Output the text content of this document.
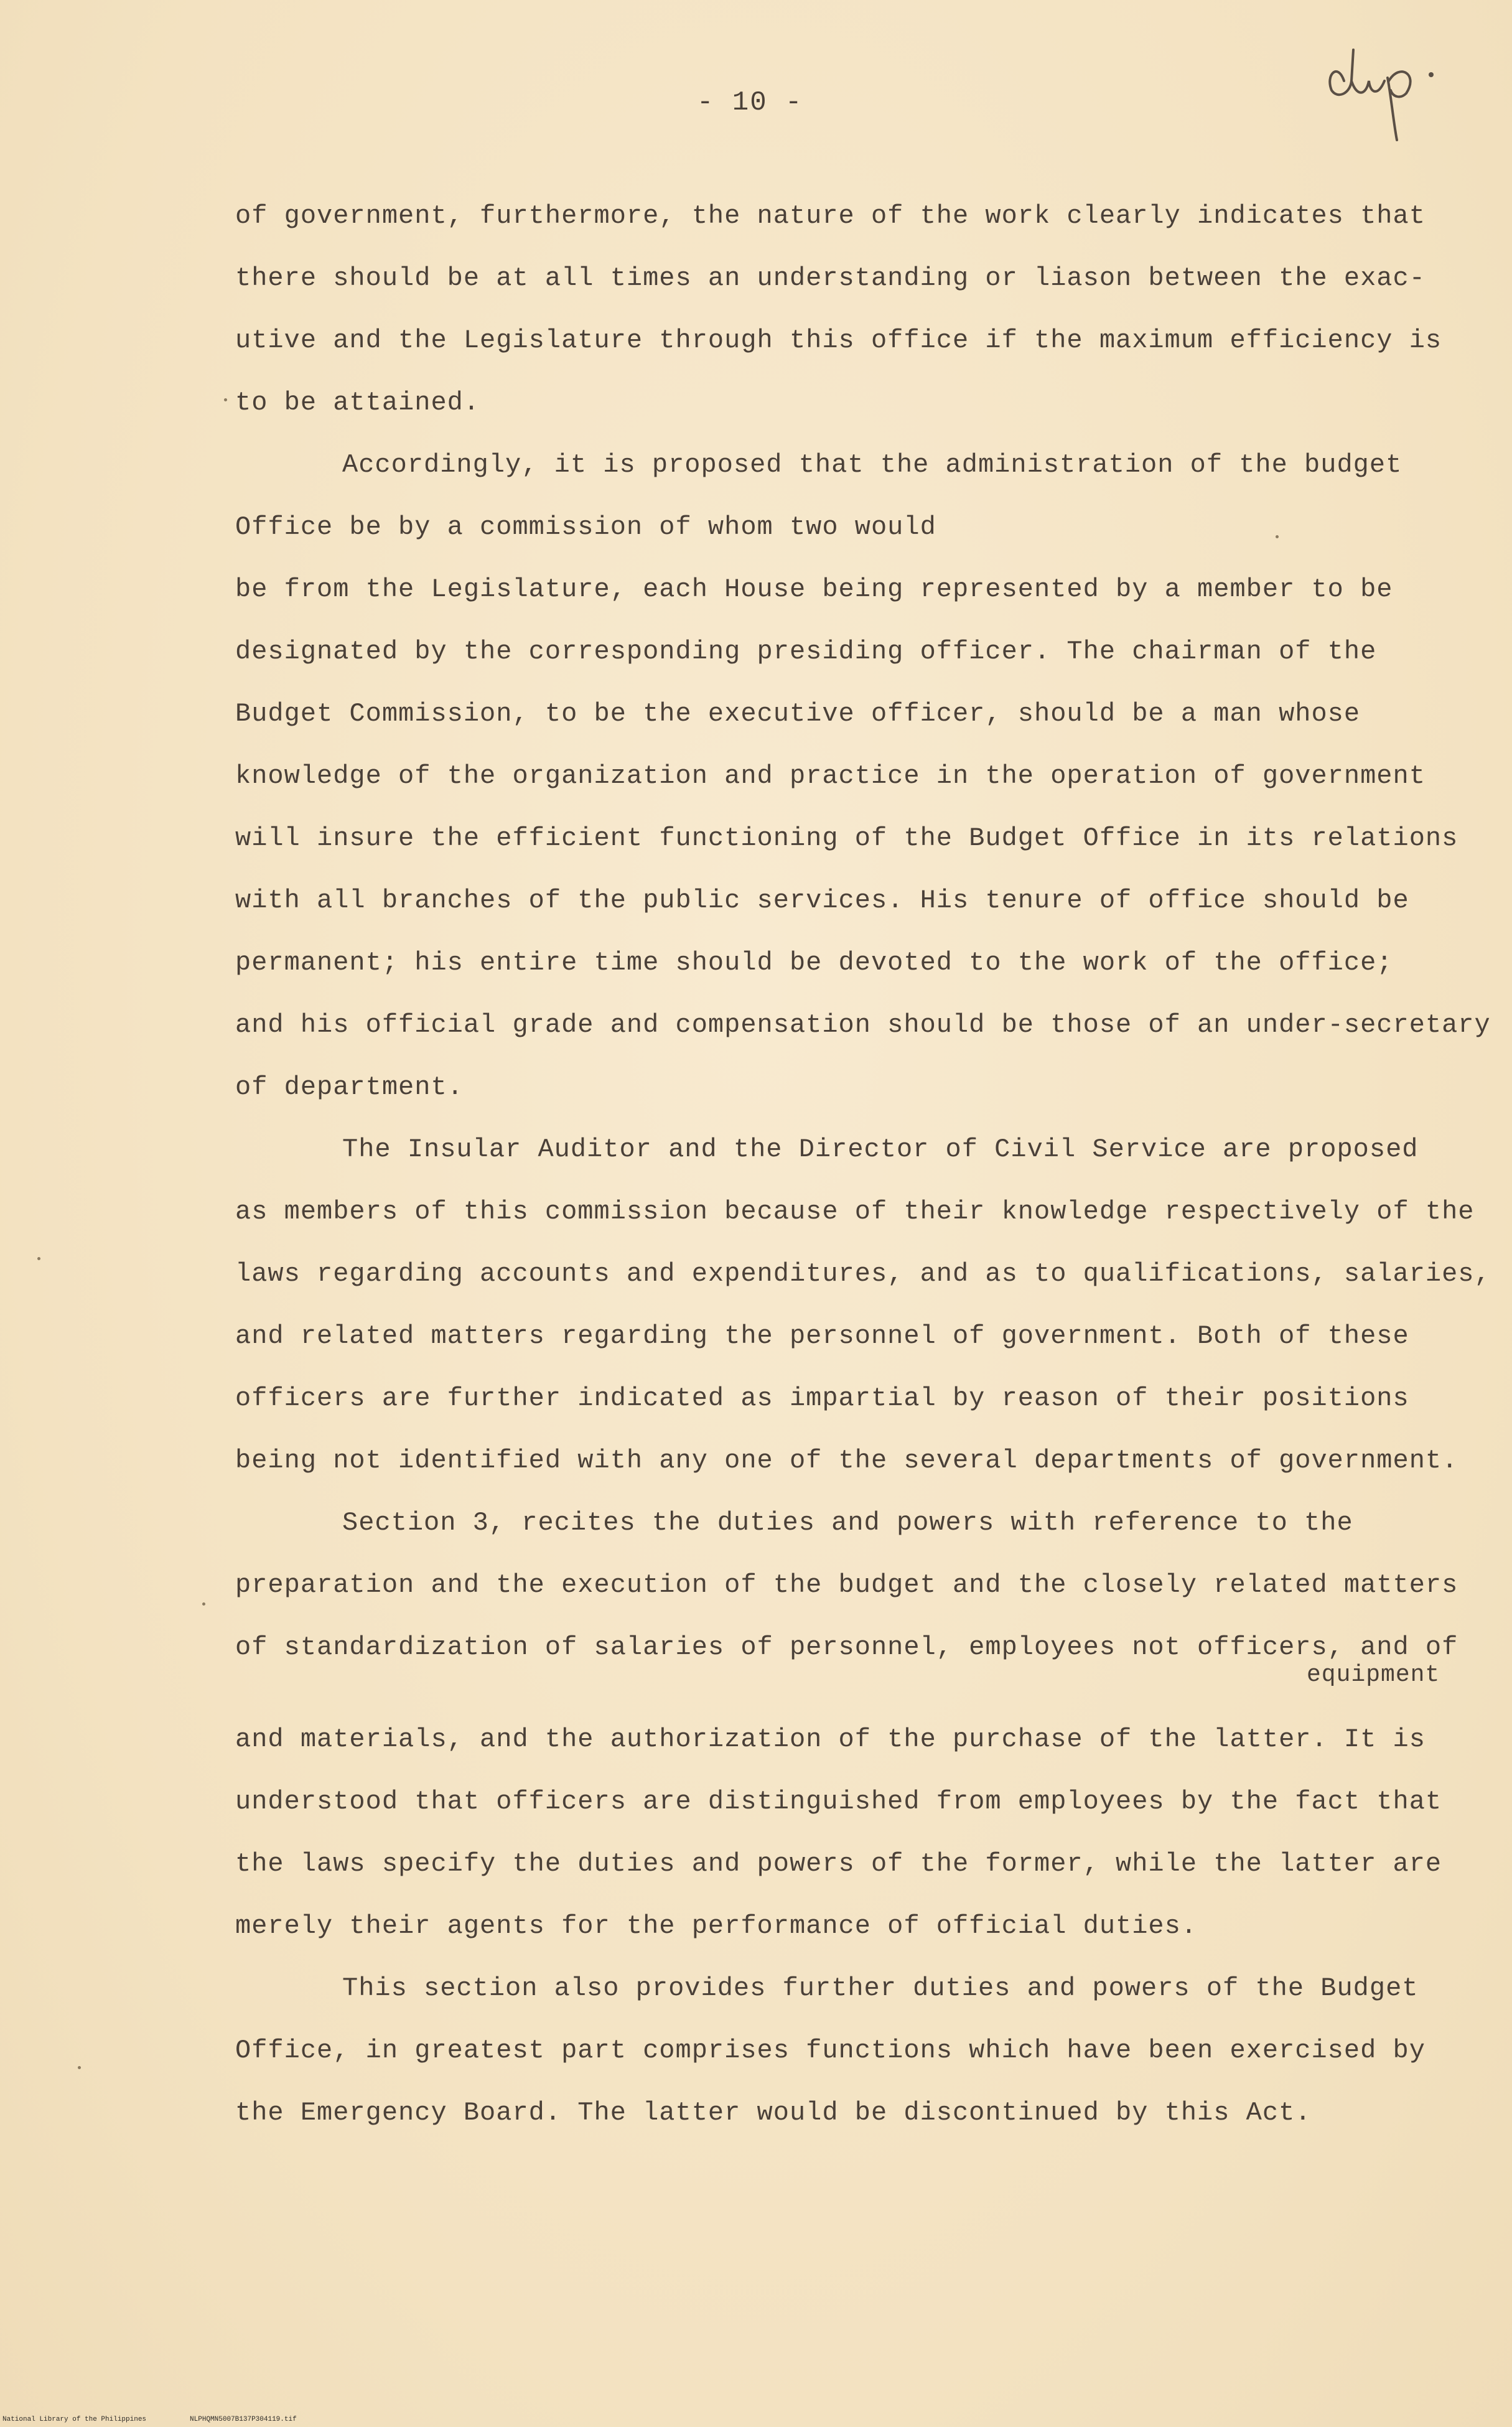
- 10 -
of government, furthermore, the nature of the work clearly indicates that
there should be at all times an understanding or liason between the exac-
utive and the Legislature through this office if the maximum efficiency is
to be attained.
Accordingly, it is proposed that the administration of the budget
Office be by a commission of whom two would
be from the Legislature, each House being represented by a member to be
designated by the corresponding presiding officer. The chairman of the
Budget Commission, to be the executive officer, should be a man whose
knowledge of the organization and practice in the operation of government
will insure the efficient functioning of the Budget Office in its relations
with all branches of the public services. His tenure of office should be
permanent; his entire time should be devoted to the work of the office;
and his official grade and compensation should be those of an under-secretary
of department.
The Insular Auditor and the Director of Civil Service are proposed
as members of this commission because of their knowledge respectively of the
laws regarding accounts and expenditures, and as to qualifications, salaries,
and related matters regarding the personnel of government. Both of these
officers are further indicated as impartial by reason of their positions
being not identified with any one of the several departments of government.
Section 3, recites the duties and powers with reference to the
preparation and the execution of the budget and the closely related matters
of standardization of salaries of personnel, employees not officers, and of
equipment
and materials, and the authorization of the purchase of the latter. It is
understood that officers are distinguished from employees by the fact that
the laws specify the duties and powers of the former, while the latter are
merely their agents for the performance of official duties.
This section also provides further duties and powers of the Budget
Office, in greatest part comprises functions which have been exercised by
the Emergency Board. The latter would be discontinued by this Act.
National Library of the Philippines	NLPHQMN5007B137P304119.tif
